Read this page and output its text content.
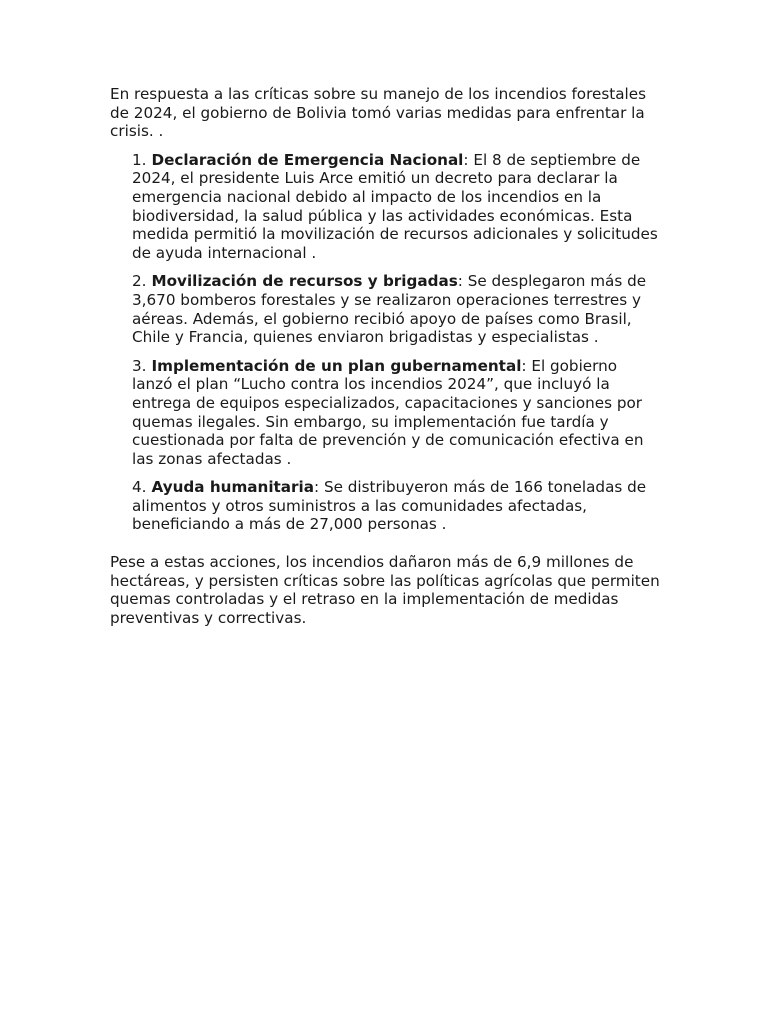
En respuesta a las críticas sobre su manejo de los incendios forestales de 2024, el gobierno de Bolivia tomó varias medidas para enfrentar la crisis. .

1. Declaración de Emergencia Nacional: El 8 de septiembre de 2024, el presidente Luis Arce emitió un decreto para declarar la emergencia nacional debido al impacto de los incendios en la biodiversidad, la salud pública y las actividades económicas. Esta medida permitió la movilización de recursos adicionales y solicitudes de ayuda internacional .
2. Movilización de recursos y brigadas: Se desplegaron más de 3,670 bomberos forestales y se realizaron operaciones terrestres y aéreas. Además, el gobierno recibió apoyo de países como Brasil, Chile y Francia, quienes enviaron brigadistas y especialistas .
3. Implementación de un plan gubernamental: El gobierno lanzó el plan “Lucho contra los incendios 2024”, que incluyó la entrega de equipos especializados, capacitaciones y sanciones por quemas ilegales. Sin embargo, su implementación fue tardía y cuestionada por falta de prevención y de comunicación efectiva en las zonas afectadas .
4. Ayuda humanitaria: Se distribuyeron más de 166 toneladas de alimentos y otros suministros a las comunidades afectadas, beneficiando a más de 27,000 personas .

Pese a estas acciones, los incendios dañaron más de 6,9 millones de hectáreas, y persisten críticas sobre las políticas agrícolas que permiten quemas controladas y el retraso en la implementación de medidas preventivas y correctivas.
